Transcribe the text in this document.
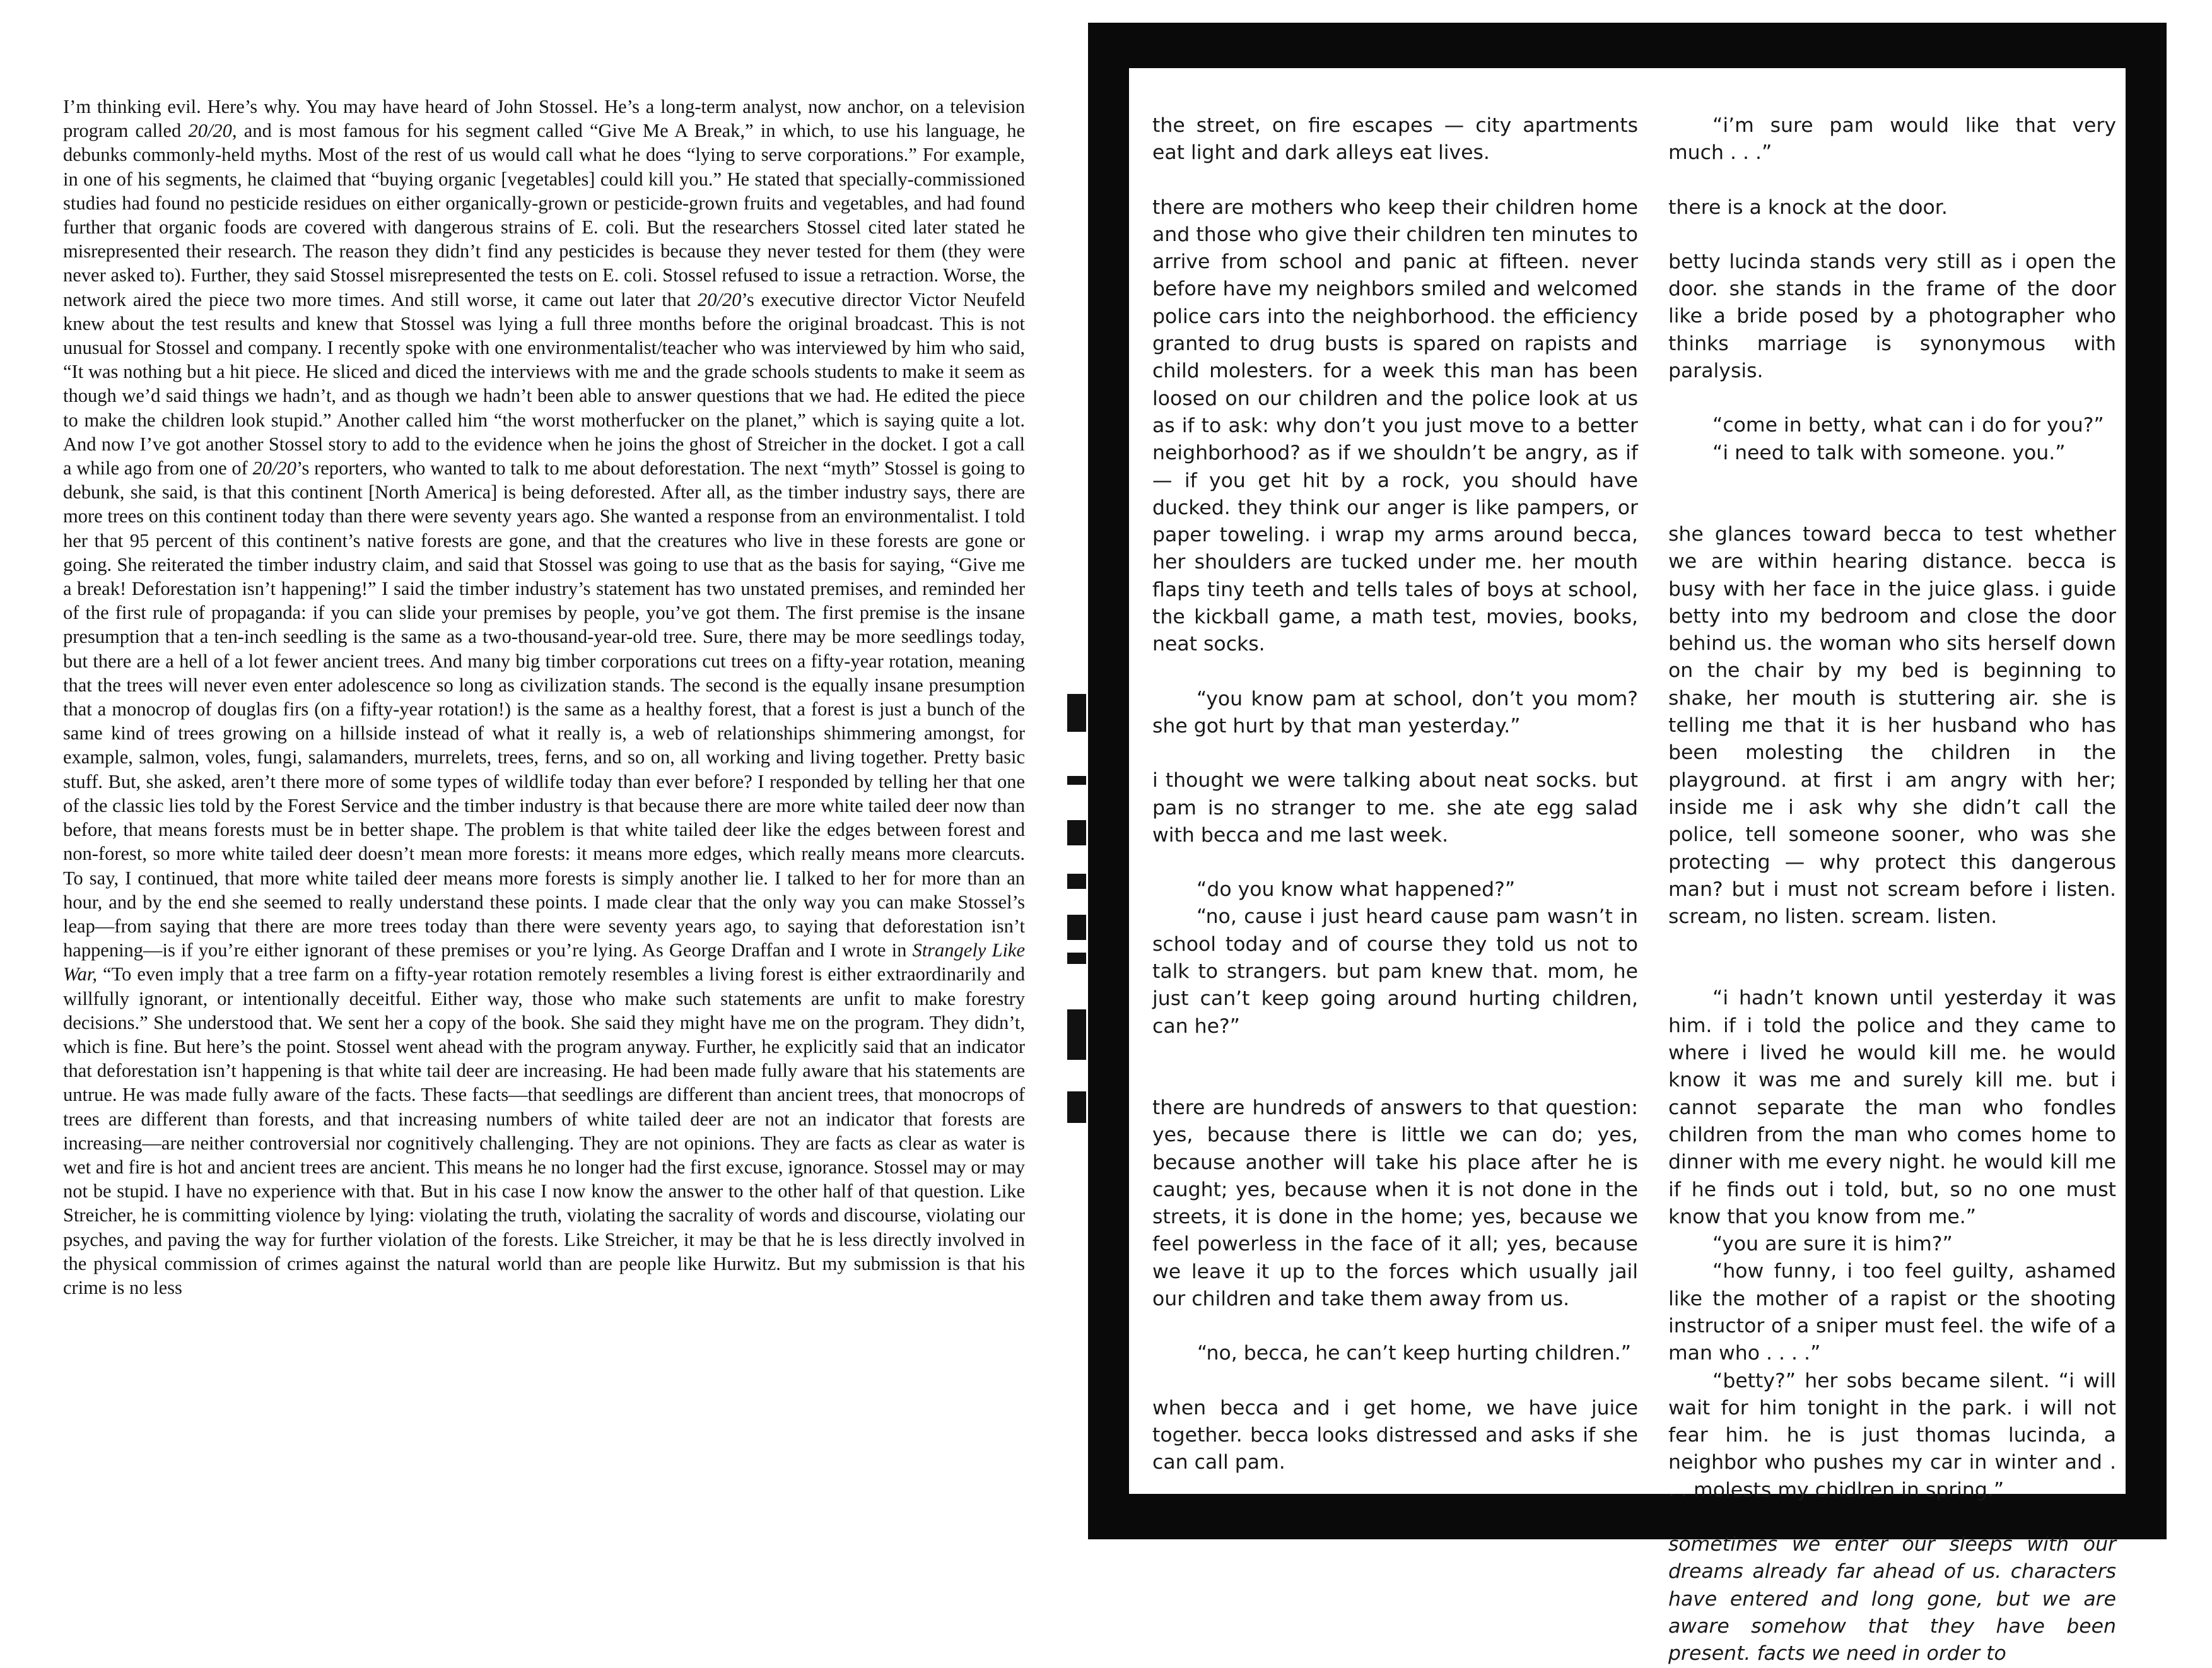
I’m thinking evil. Here’s why. You may have heard of John Stossel. He’s a long-term analyst, now anchor, on a television program called 20/20, and is most famous for his segment called “Give Me A Break,” in which, to use his language, he debunks commonly-held myths. Most of the rest of us would call what he does “lying to serve corporations.” For example, in one of his segments, he claimed that “buying organic [vegetables] could kill you.” He stated that specially-commissioned studies had found no pesticide residues on either organically-grown or pesticide-grown fruits and vegetables, and had found further that organic foods are covered with dangerous strains of E. coli. But the researchers Stossel cited later stated he misrepresented their research. The reason they didn’t find any pesticides is because they never tested for them (they were never asked to). Further, they said Stossel misrepresented the tests on E. coli. Stossel refused to issue a retraction. Worse, the network aired the piece two more times. And still worse, it came out later that 20/20’s executive director Victor Neufeld knew about the test results and knew that Stossel was lying a full three months before the original broadcast. This is not unusual for Stossel and company. I recently spoke with one environmentalist/teacher who was interviewed by him who said, “It was nothing but a hit piece. He sliced and diced the interviews with me and the grade schools students to make it seem as though we’d said things we hadn’t, and as though we hadn’t been able to answer questions that we had. He edited the piece to make the children look stupid.” Another called him “the worst motherfucker on the planet,” which is saying quite a lot. And now I’ve got another Stossel story to add to the evidence when he joins the ghost of Streicher in the docket. I got a call a while ago from one of 20/20’s reporters, who wanted to talk to me about deforestation. The next “myth” Stossel is going to debunk, she said, is that this continent [North America] is being deforested. After all, as the timber industry says, there are more trees on this continent today than there were seventy years ago. She wanted a response from an environmentalist. I told her that 95 percent of this continent’s native forests are gone, and that the creatures who live in these forests are gone or going. She reiterated the timber industry claim, and said that Stossel was going to use that as the basis for saying, “Give me a break! Deforestation isn’t happening!” I said the timber industry’s statement has two unstated premises, and reminded her of the first rule of propaganda: if you can slide your premises by people, you’ve got them. The first premise is the insane presumption that a ten-inch seedling is the same as a two-thousand-year-old tree. Sure, there may be more seedlings today, but there are a hell of a lot fewer ancient trees. And many big timber corporations cut trees on a fifty-year rotation, meaning that the trees will never even enter adolescence so long as civilization stands. The second is the equally insane presumption that a monocrop of douglas firs (on a fifty-year rotation!) is the same as a healthy forest, that a forest is just a bunch of the same kind of trees growing on a hillside instead of what it really is, a web of relationships shimmering amongst, for example, salmon, voles, fungi, salamanders, murrelets, trees, ferns, and so on, all working and living together. Pretty basic stuff. But, she asked, aren’t there more of some types of wildlife today than ever before? I responded by telling her that one of the classic lies told by the Forest Service and the timber industry is that because there are more white tailed deer now than before, that means forests must be in better shape. The problem is that white tailed deer like the edges between forest and non-forest, so more white tailed deer doesn’t mean more forests: it means more edges, which really means more clearcuts. To say, I continued, that more white tailed deer means more forests is simply another lie. I talked to her for more than an hour, and by the end she seemed to really understand these points. I made clear that the only way you can make Stossel’s leap—from saying that there are more trees today than there were seventy years ago, to saying that deforestation isn’t happening—is if you’re either ignorant of these premises or you’re lying. As George Draffan and I wrote in Strangely Like War, “To even imply that a tree farm on a fifty-year rotation remotely resembles a living forest is either extraordinarily and willfully ignorant, or intentionally deceitful. Either way, those who make such statements are unfit to make forestry decisions.” She understood that. We sent her a copy of the book. She said they might have me on the program. They didn’t, which is fine. But here’s the point. Stossel went ahead with the program anyway. Further, he explicitly said that an indicator that deforestation isn’t happening is that white tail deer are increasing. He had been made fully aware that his statements are untrue. He was made fully aware of the facts. These facts—that seedlings are different than ancient trees, that monocrops of trees are different than forests, and that increasing numbers of white tailed deer are not an indicator that forests are increasing—are neither controversial nor cognitively challenging. They are not opinions. They are facts as clear as water is wet and fire is hot and ancient trees are ancient. This means he no longer had the first excuse, ignorance. Stossel may or may not be stupid. I have no experience with that. But in his case I now know the answer to the other half of that question. Like Streicher, he is committing violence by lying: violating the truth, violating the sacrality of words and discourse, violating our psyches, and paving the way for further violation of the forests. Like Streicher, it may be that he is less directly involved in the physical commission of crimes against the natural world than are people like Hurwitz. But my submission is that his crime is no less

the street, on fire escapes — city apartments eat light and dark alleys eat lives.

there are mothers who keep their children home and those who give their children ten minutes to arrive from school and panic at fifteen. never before have my neighbors smiled and welcomed police cars into the neighborhood. the efficiency granted to drug busts is spared on rapists and child molesters. for a week this man has been loosed on our children and the police look at us as if to ask: why don’t you just move to a better neighborhood? as if we shouldn’t be angry, as if — if you get hit by a rock, you should have ducked. they think our anger is like pampers, or paper toweling. i wrap my arms around becca, her shoulders are tucked under me. her mouth flaps tiny teeth and tells tales of boys at school, the kickball game, a math test, movies, books, neat socks.

“you know pam at school, don’t you mom? she got hurt by that man yesterday.”

i thought we were talking about neat socks. but pam is no stranger to me. she ate egg salad with becca and me last week.

“do you know what happened?”

“no, cause i just heard cause pam wasn’t in school today and of course they told us not to talk to strangers. but pam knew that. mom, he just can’t keep going around hurting children, can he?”

there are hundreds of answers to that question: yes, because there is little we can do; yes, because another will take his place after he is caught; yes, because when it is not done in the streets, it is done in the home; yes, because we feel powerless in the face of it all; yes, because we leave it up to the forces which usually jail our children and take them away from us.

“no, becca, he can’t keep hurting children.”

when becca and i get home, we have juice together. becca looks distressed and asks if she can call pam.

“i’m sure pam would like that very much . . .”

there is a knock at the door.

betty lucinda stands very still as i open the door. she stands in the frame of the door like a bride posed by a photographer who thinks marriage is synonymous with paralysis.

“come in betty, what can i do for you?”

“i need to talk with someone. you.”

she glances toward becca to test whether we are within hearing distance. becca is busy with her face in the juice glass. i guide betty into my bedroom and close the door behind us. the woman who sits herself down on the chair by my bed is beginning to shake, her mouth is stuttering air. she is telling me that it is her husband who has been molesting the children in the playground. at first i am angry with her; inside me i ask why she didn’t call the police, tell someone sooner, who was she protecting — why protect this dangerous man? but i must not scream before i listen. scream, no listen. scream. listen.

“i hadn’t known until yesterday it was him. if i told the police and they came to where i lived he would kill me. he would know it was me and surely kill me. but i cannot separate the man who fondles children from the man who comes home to dinner with me every night. he would kill me if he finds out i told, but, so no one must know that you know from me.”

“you are sure it is him?”

“how funny, i too feel guilty, ashamed like the mother of a rapist or the shooting instructor of a sniper must feel. the wife of a man who . . . .”

“betty?” her sobs became silent. “i will wait for him tonight in the park. i will not fear him. he is just thomas lucinda, a neighbor who pushes my car in winter and . . . molests my chidlren in spring.”

sometimes we enter our sleeps with our dreams already far ahead of us. characters have entered and long gone, but we are aware somehow that they have been present. facts we need in order to
